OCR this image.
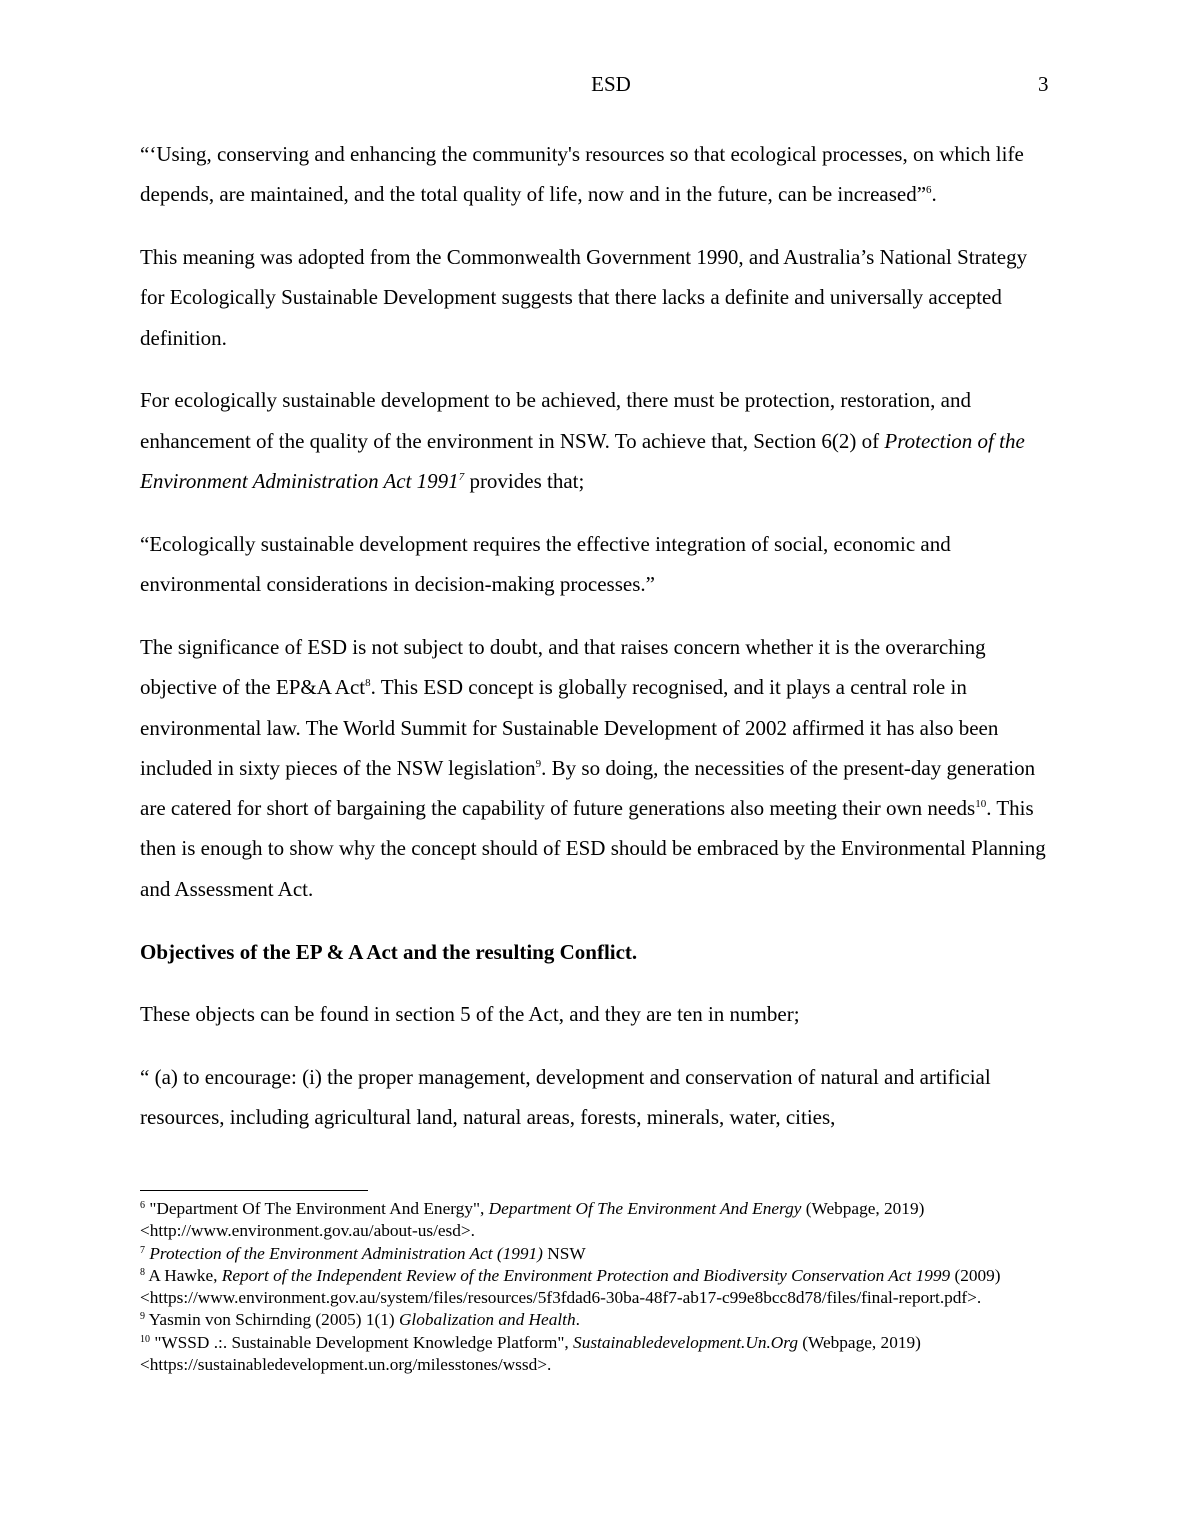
ESD	3

“‘Using, conserving and enhancing the community's resources so that ecological processes, on which life depends, are maintained, and the total quality of life, now and in the future, can be increased”$^6$.

This meaning was adopted from the Commonwealth Government 1990, and Australia’s National Strategy for Ecologically Sustainable Development suggests that there lacks a definite and universally accepted definition.

For ecologically sustainable development to be achieved, there must be protection, restoration, and enhancement of the quality of the environment in NSW. To achieve that, Section 6(2) of Protection of the Environment Administration Act 1991$^7$ provides that;

“Ecologically sustainable development requires the effective integration of social, economic and environmental considerations in decision-making processes.”

The significance of ESD is not subject to doubt, and that raises concern whether it is the overarching objective of the EP&A Act$^8$. This ESD concept is globally recognised, and it plays a central role in environmental law. The World Summit for Sustainable Development of 2002 affirmed it has also been included in sixty pieces of the NSW legislation$^9$. By so doing, the necessities of the present-day generation are catered for short of bargaining the capability of future generations also meeting their own needs$^{10}$. This then is enough to show why the concept should of ESD should be embraced by the Environmental Planning and Assessment Act.

Objectives of the EP & A Act and the resulting Conflict.

These objects can be found in section 5 of the Act, and they are ten in number;

“ (a) to encourage: (i) the proper management, development and conservation of natural and artificial resources, including agricultural land, natural areas, forests, minerals, water, cities,

$^6$ "Department Of The Environment And Energy", Department Of The Environment And Energy (Webpage, 2019) <http://www.environment.gov.au/about-us/esd>.

$^7$ Protection of the Environment Administration Act (1991) NSW

$^8$ A Hawke, Report of the Independent Review of the Environment Protection and Biodiversity Conservation Act 1999 (2009) <https://www.environment.gov.au/system/files/resources/5f3fdad6-30ba-48f7-ab17-c99e8bcc8d78/files/final-report.pdf>.

$^9$ Yasmin von Schirnding (2005) 1(1) Globalization and Health.

$^{10}$ "WSSD .:. Sustainable Development Knowledge Platform", Sustainabledevelopment.Un.Org (Webpage, 2019) <https://sustainabledevelopment.un.org/milesstones/wssd>.
